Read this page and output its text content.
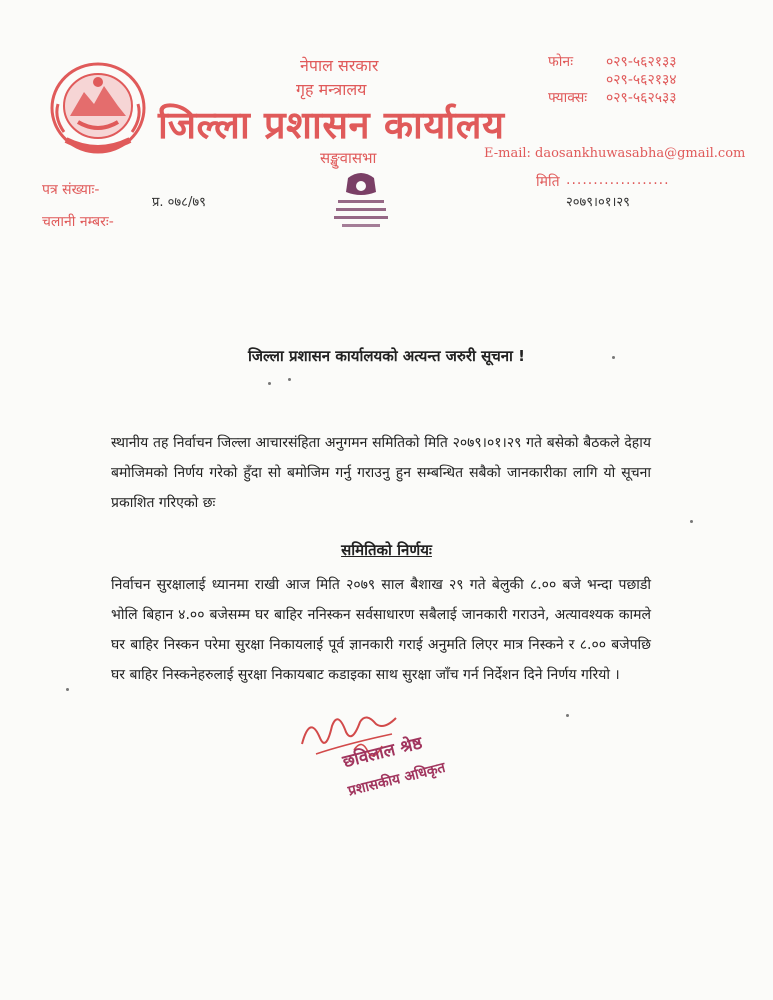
नेपाल सरकार
गृह मन्त्रालय
जिल्ला प्रशासन कार्यालय
सङ्खुवासभा
फोनः ०२९-५६२१३३
०२९-५६२१३४
फ्याक्सः ०२९-५६२५३३
E-mail: daosankhuwasabha@gmail.com
पत्र संख्याः-
प्र. ०७८/७९
चलानी नम्बरः-
मिति ...................
२०७९।०१।२९
जिल्ला प्रशासन कार्यालयको अत्यन्त जरुरी सूचना !
स्थानीय तह निर्वाचन जिल्ला आचारसंहिता अनुगमन समितिको मिति २०७९।०१।२९ गते बसेको बैठकले देहाय बमोजिमको निर्णय गरेको हुँदा सो बमोजिम गर्नु गराउनु हुन सम्बन्धित सबैको जानकारीका लागि यो सूचना प्रकाशित गरिएको छः
समितिको निर्णयः
निर्वाचन सुरक्षालाई ध्यानमा राखी आज मिति २०७९ साल बैशाख २९ गते बेलुकी ८.०० बजे भन्दा पछाडी भोलि बिहान ४.०० बजेसम्म घर बाहिर ननिस्कन सर्वसाधारण सबैलाई जानकारी गराउने, अत्यावश्यक कामले घर बाहिर निस्कन परेमा सुरक्षा निकायलाई पूर्व ज्ञानकारी गराई अनुमति लिएर मात्र निस्कने र ८.०० बजेपछि घर बाहिर निस्कनेहरुलाई सुरक्षा निकायबाट कडाइका साथ सुरक्षा जाँच गर्न निर्देशन दिने निर्णय गरियो ।
छविलाल श्रेष्ठ
प्रशासकीय अधिकृत
